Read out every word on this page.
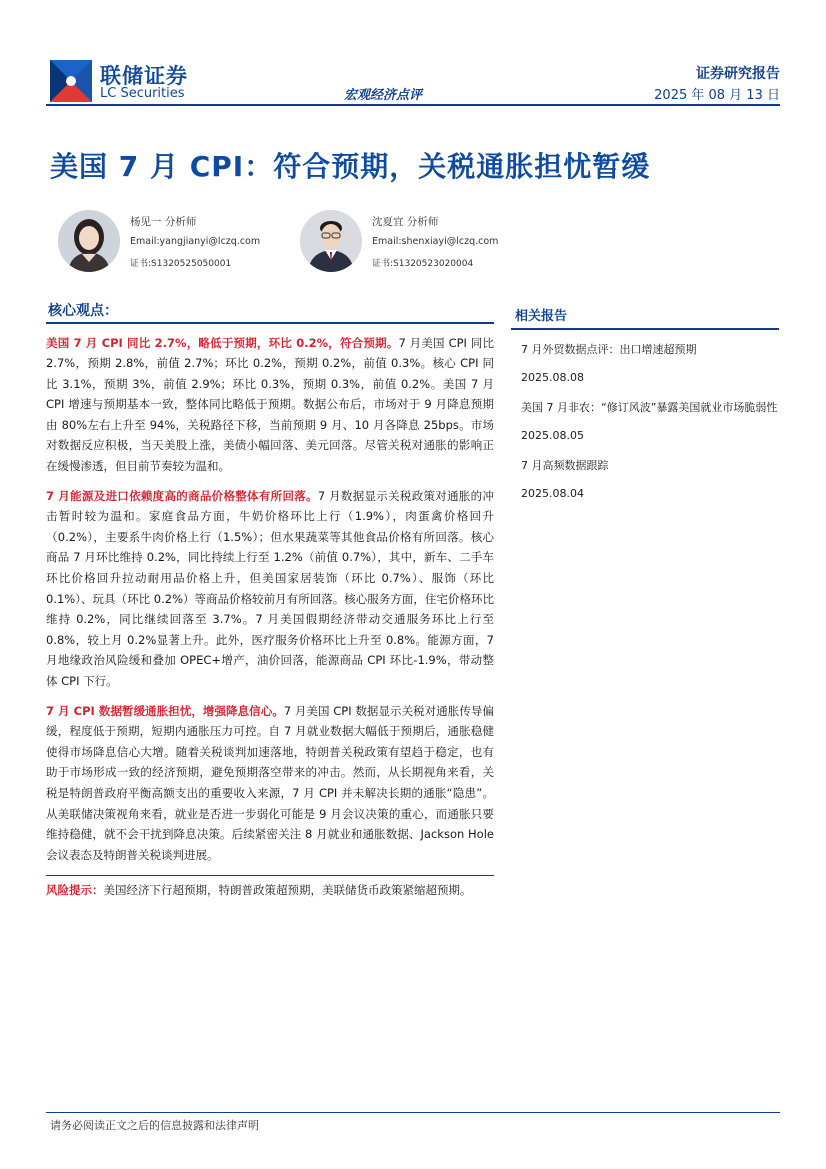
联储证券
LC Securities	宏观经济点评
证券研究报告
2025 年 08 月 13 日
美国 7 月 CPI：符合预期，关税通胀担忧暂缓
杨见一 分析师
Email:yangjianyi@lczq.com
证书:S1320525050001
沈夏宜 分析师
Email:shenxiayi@lczq.com
证书:S1320523020004
核心观点：

美国 7 月 CPI 同比 2.7%，略低于预期，环比 0.2%，符合预期。7 月美国 CPI 同比 2.7%，预期 2.8%，前值 2.7%；环比 0.2%，预期 0.2%，前值 0.3%。核心 CPI 同比 3.1%，预期 3%，前值 2.9%；环比 0.3%，预期 0.3%，前值 0.2%。美国 7 月 CPI 增速与预期基本一致，整体同比略低于预期。数据公布后，市场对于 9 月降息预期由 80%左右上升至 94%，关税路径下移，当前预期 9 月、10 月各降息 25bps。市场对数据反应积极，当天美股上涨，美债小幅回落、美元回落。尽管关税对通胀的影响正在缓慢渗透，但目前节奏较为温和。

7 月能源及进口依赖度高的商品价格整体有所回落。7 月数据显示关税政策对通胀的冲击暂时较为温和。家庭食品方面，牛奶价格环比上行（1.9%），肉蛋禽价格回升（0.2%），主要系牛肉价格上行（1.5%）；但水果蔬菜等其他食品价格有所回落。核心商品 7 月环比维持 0.2%，同比持续上行至 1.2%（前值 0.7%），其中，新车、二手车环比价格回升拉动耐用品价格上升，但美国家居装饰（环比 0.7%）、服饰（环比 0.1%）、玩具（环比 0.2%）等商品价格较前月有所回落。核心服务方面，住宅价格环比维持 0.2%，同比继续回落至 3.7%。7 月美国假期经济带动交通服务环比上行至 0.8%，较上月 0.2%显著上升。此外，医疗服务价格环比上升至 0.8%。能源方面，7 月地缘政治风险缓和叠加 OPEC+增产，油价回落，能源商品 CPI 环比-1.9%，带动整体 CPI 下行。

7 月 CPI 数据暂缓通胀担忧，增强降息信心。7 月美国 CPI 数据显示关税对通胀传导偏缓，程度低于预期，短期内通胀压力可控。自 7 月就业数据大幅低于预期后，通胀稳健使得市场降息信心大增。随着关税谈判加速落地，特朗普关税政策有望趋于稳定，也有助于市场形成一致的经济预期，避免预期落空带来的冲击。然而，从长期视角来看，关税是特朗普政府平衡高额支出的重要收入来源，7 月 CPI 并未解决长期的通胀“隐患”。从美联储决策视角来看，就业是否进一步弱化可能是 9 月会议决策的重心，而通胀只要维持稳健，就不会干扰到降息决策。后续紧密关注 8 月就业和通胀数据、Jackson Hole 会议表态及特朗普关税谈判进展。

风险提示：美国经济下行超预期，特朗普政策超预期，美联储货币政策紧缩超预期。

相关报告
7 月外贸数据点评：出口增速超预期
2025.08.08
美国 7 月非农：“修订风波”暴露美国就业市场脆弱性
2025.08.05
7 月高频数据跟踪
2025.08.04
请务必阅读正文之后的信息披露和法律声明
